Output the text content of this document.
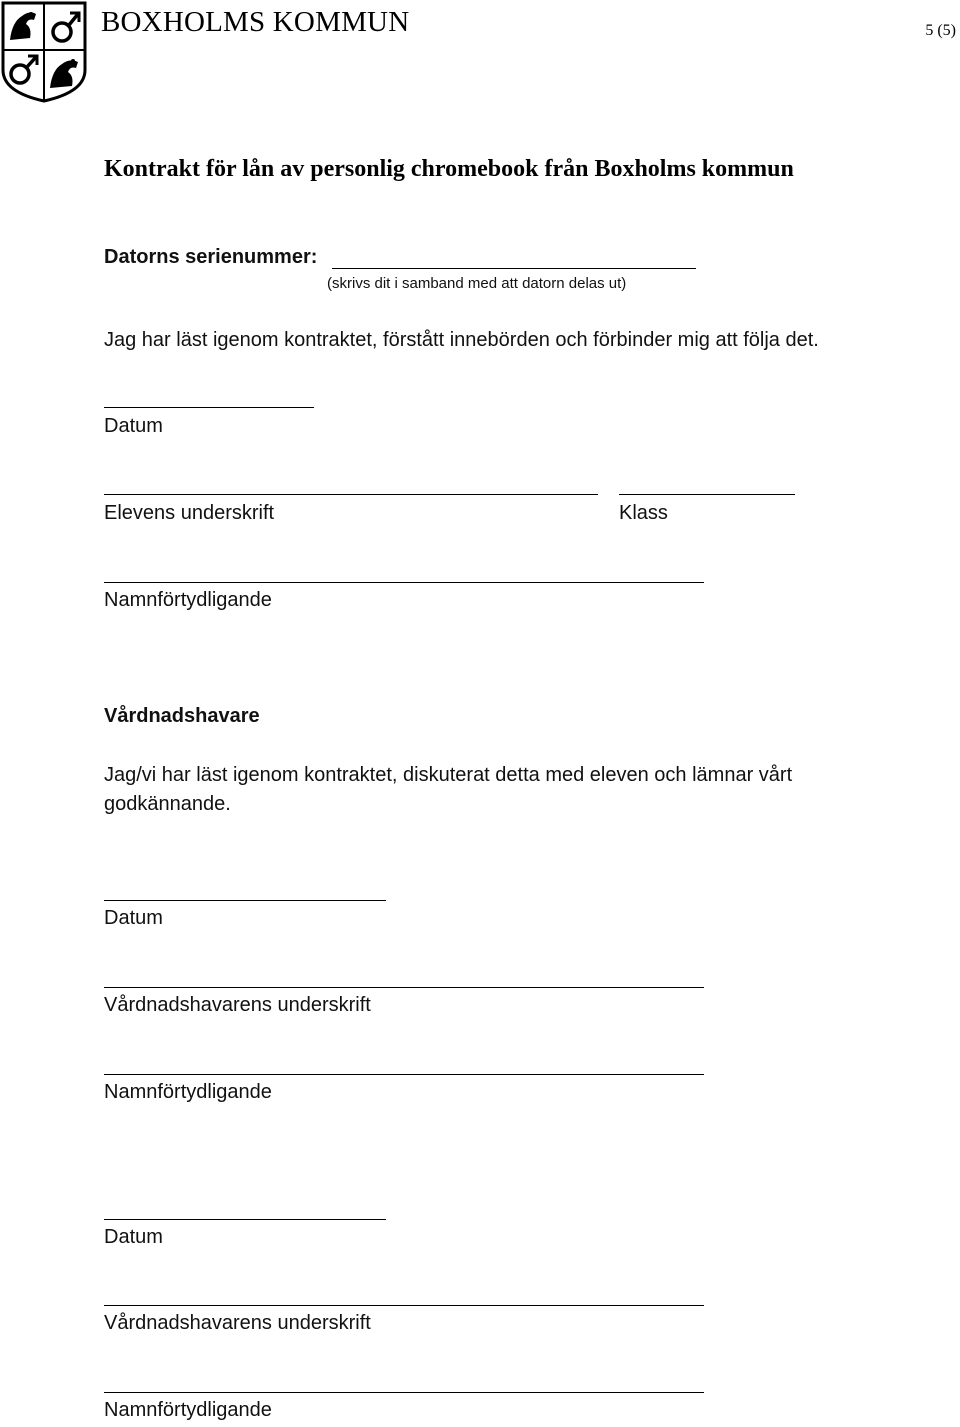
BOXHOLMS KOMMUN	5 (5)
Kontrakt för lån av personlig chromebook från Boxholms kommun
Datorns serienummer:
(skrivs dit i samband med att datorn delas ut)
Jag har läst igenom kontraktet, förstått innebörden och förbinder mig att följa det.
Datum
Elevens underskrift	Klass
Namnförtydligande
Vårdnadshavare
Jag/vi har läst igenom kontraktet, diskuterat detta med eleven och lämnar vårt
godkännande.
Datum
Vårdnadshavarens underskrift
Namnförtydligande
Datum
Vårdnadshavarens underskrift
Namnförtydligande
